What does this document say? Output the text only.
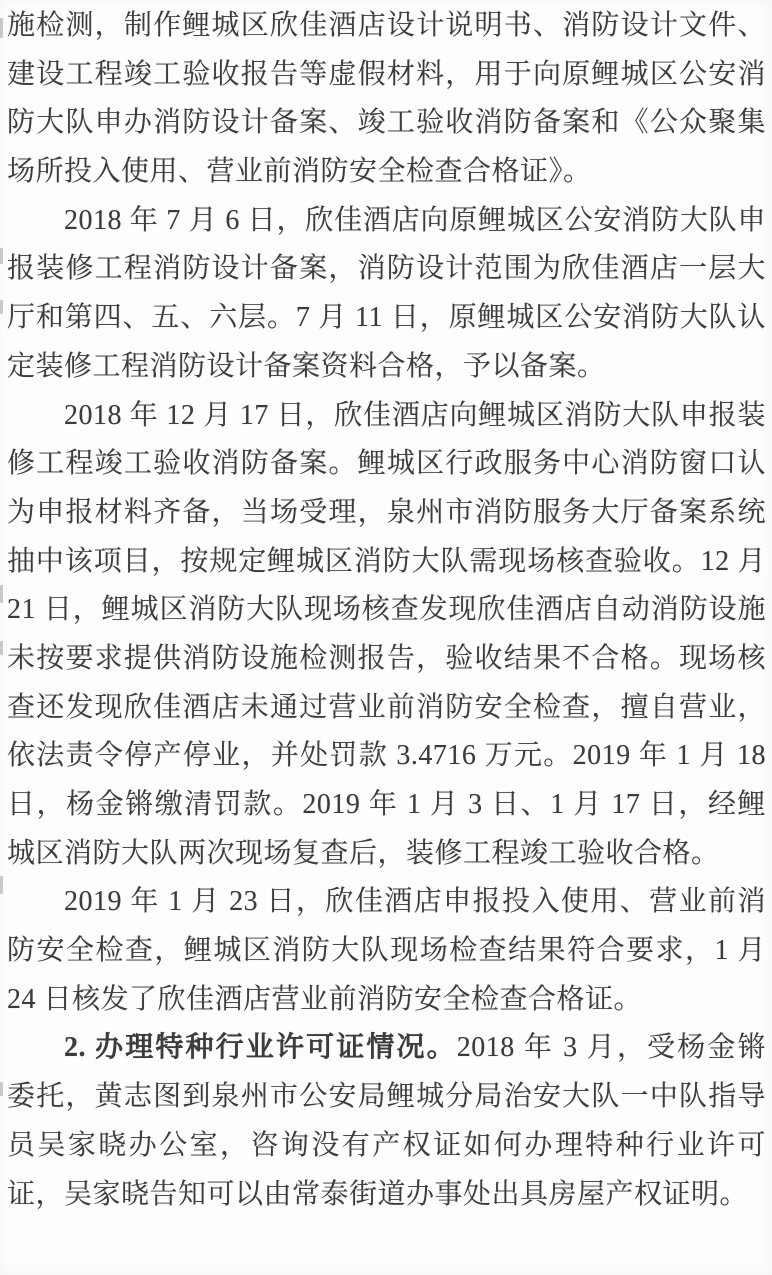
施检测，制作鲤城区欣佳酒店设计说明书、消防设计文件、
建设工程竣工验收报告等虚假材料，用于向原鲤城区公安消
防大队申办消防设计备案、竣工验收消防备案和《公众聚集
场所投入使用、营业前消防安全检查合格证》。
2018 年 7 月 6 日，欣佳酒店向原鲤城区公安消防大队申
报装修工程消防设计备案，消防设计范围为欣佳酒店一层大
厅和第四、五、六层。7 月 11 日，原鲤城区公安消防大队认
定装修工程消防设计备案资料合格，予以备案。
2018 年 12 月 17 日，欣佳酒店向鲤城区消防大队申报装
修工程竣工验收消防备案。鲤城区行政服务中心消防窗口认
为申报材料齐备，当场受理，泉州市消防服务大厅备案系统
抽中该项目，按规定鲤城区消防大队需现场核查验收。12 月
21 日，鲤城区消防大队现场核查发现欣佳酒店自动消防设施
未按要求提供消防设施检测报告，验收结果不合格。现场核
查还发现欣佳酒店未通过营业前消防安全检查，擅自营业，
依法责令停产停业，并处罚款 3.4716 万元。2019 年 1 月 18
日，杨金锵缴清罚款。2019 年 1 月 3 日、1 月 17 日，经鲤
城区消防大队两次现场复查后，装修工程竣工验收合格。
2019 年 1 月 23 日，欣佳酒店申报投入使用、营业前消
防安全检查，鲤城区消防大队现场检查结果符合要求，1 月
24 日核发了欣佳酒店营业前消防安全检查合格证。
2. 办理特种行业许可证情况。2018 年 3 月，受杨金锵
委托，黄志图到泉州市公安局鲤城分局治安大队一中队指导
员吴家晓办公室，咨询没有产权证如何办理特种行业许可
证，吴家晓告知可以由常泰街道办事处出具房屋产权证明。
